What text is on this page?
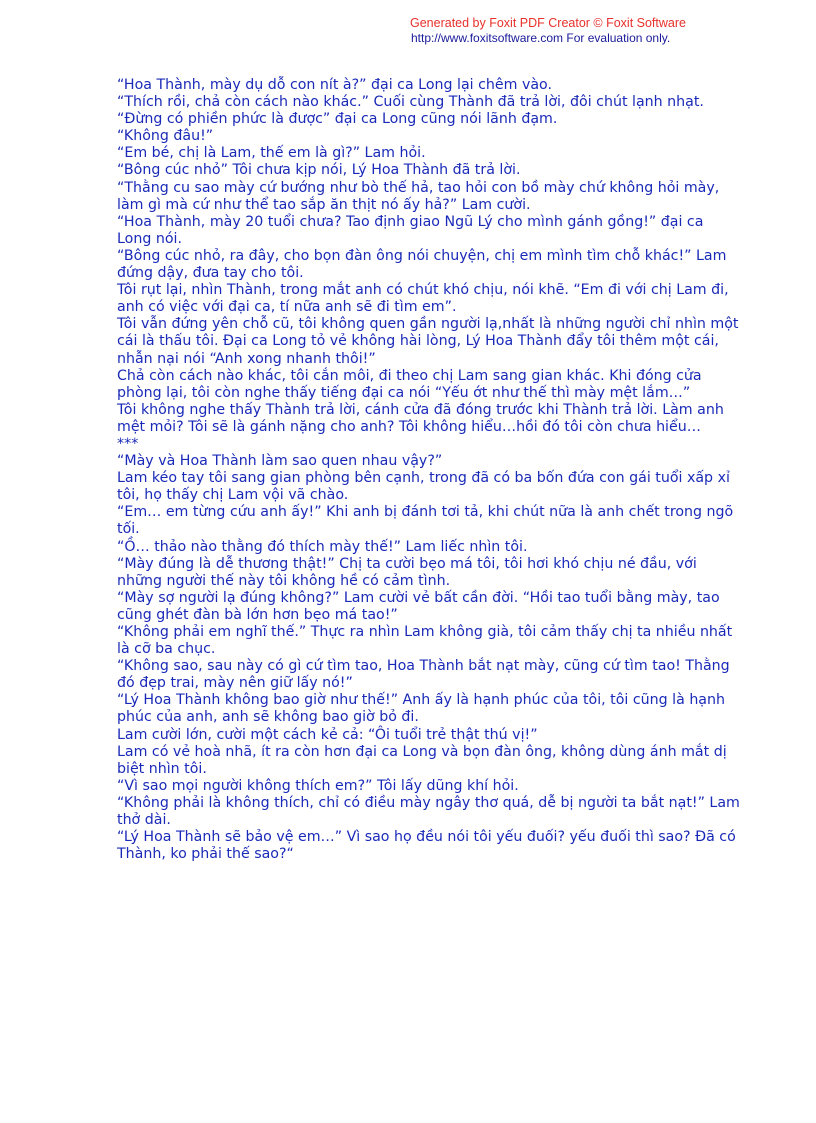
Generated by Foxit PDF Creator © Foxit Software
http://www.foxitsoftware.com For evaluation only.

“Hoa Thành, mày dụ dỗ con nít à?” đại ca Long lại chêm vào.

“Thích rồi, chả còn cách nào khác.” Cuối cùng Thành đã trả lời, đôi chút lạnh nhạt.

“Đừng có phiền phức là được” đại ca Long cũng nói lãnh đạm.

“Không đâu!”

“Em bé, chị là Lam, thế em là gì?” Lam hỏi.

“Bông cúc nhỏ” Tôi chưa kịp nói, Lý Hoa Thành đã trả lời.

“Thằng cu sao mày cứ bướng như bò thế hả, tao hỏi con bồ mày chứ không hỏi mày, làm gì mà cứ như thể tao sắp ăn thịt nó ấy hả?” Lam cười.

“Hoa Thành, mày 20 tuổi chưa? Tao định giao Ngũ Lý cho mình gánh gồng!” đại ca Long nói.

“Bông cúc nhỏ, ra đây, cho bọn đàn ông nói chuyện, chị em mình tìm chỗ khác!” Lam đứng dậy, đưa tay cho tôi.

Tôi rụt lại, nhìn Thành, trong mắt anh có chút khó chịu, nói khẽ. “Em đi với chị Lam đi, anh có việc với đại ca, tí nữa anh sẽ đi tìm em”.

Tôi vẫn đứng yên chỗ cũ, tôi không quen gần người lạ,nhất là những người chỉ nhìn một cái là thấu tôi. Đại ca Long tỏ vẻ không hài lòng, Lý Hoa Thành đẩy tôi thêm một cái, nhẫn nại nói “Anh xong nhanh thôi!”

Chả còn cách nào khác, tôi cắn môi, đi theo chị Lam sang gian khác. Khi đóng cửa phòng lại, tôi còn nghe thấy tiếng đại ca nói “Yếu ớt như thế thì mày mệt lắm…”

Tôi không nghe thấy Thành trả lời, cánh cửa đã đóng trước khi Thành trả lời. Làm anh mệt mỏi? Tôi sẽ là gánh nặng cho anh? Tôi không hiểu…hồi đó tôi còn chưa hiểu…

***

“Mày và Hoa Thành làm sao quen nhau vậy?”

Lam kéo tay tôi sang gian phòng bên cạnh, trong đã có ba bốn đứa con gái tuổi xấp xỉ tôi, họ thấy chị Lam vội vã chào.

“Em… em từng cứu anh ấy!” Khi anh bị đánh tơi tả, khi chút nữa là anh chết trong ngõ tối.

“Ồ… thảo nào thằng đó thích mày thế!” Lam liếc nhìn tôi.

“Mày đúng là dễ thương thật!” Chị ta cười bẹo má tôi, tôi hơi khó chịu né đầu, với những người thế này tôi không hề có cảm tình.

“Mày sợ người lạ đúng không?” Lam cười vẻ bất cần đời. “Hồi tao tuổi bằng mày, tao cũng ghét đàn bà lớn hơn bẹo má tao!”

“Không phải em nghĩ thế.” Thực ra nhìn Lam không già, tôi cảm thấy chị ta nhiều nhất là cỡ ba chục.

“Không sao, sau này có gì cứ tìm tao, Hoa Thành bắt nạt mày, cũng cứ tìm tao! Thằng đó đẹp trai, mày nên giữ lấy nó!”

“Lý Hoa Thành không bao giờ như thế!” Anh ấy là hạnh phúc của tôi, tôi cũng là hạnh phúc của anh, anh sẽ không bao giờ bỏ đi.

Lam cười lớn, cười một cách kẻ cả: “Ôi tuổi trẻ thật thú vị!”

Lam có vẻ hoà nhã, ít ra còn hơn đại ca Long và bọn đàn ông, không dùng ánh mắt dị biệt nhìn tôi.

“Vì sao mọi người không thích em?” Tôi lấy dũng khí hỏi.

“Không phải là không thích, chỉ có điều mày ngây thơ quá, dễ bị người ta bắt nạt!” Lam thở dài.

“Lý Hoa Thành sẽ bảo vệ em…” Vì sao họ đều nói tôi yếu đuối? yếu đuối thì sao? Đã có Thành, ko phải thế sao?“
